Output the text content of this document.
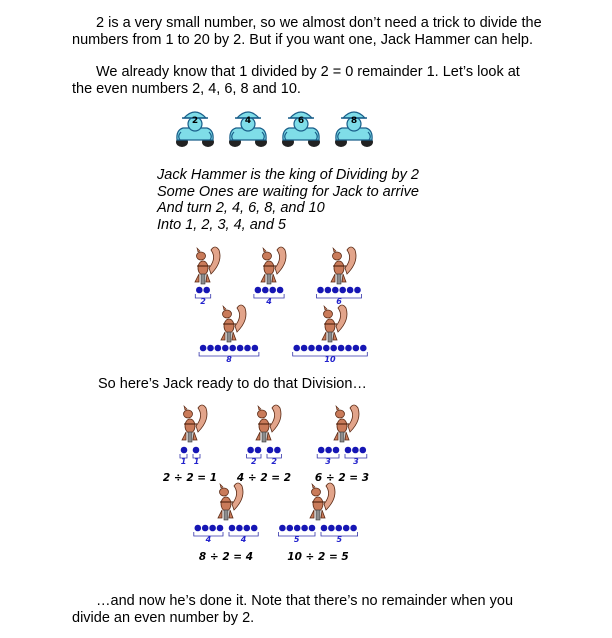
2 is a very small number, so we almost don’t need a trick to divide the numbers from 1 to 20 by 2. But if you want one, Jack Hammer can help.

We already know that 1 divided by 2 = 0 remainder 1. Let’s look at the even numbers 2, 4, 6, 8 and 10.

2	4	6	8
2	4	6
8	10
1 1	2 2	3	3
4	4	5	5
2 ÷ 2 = 1 4 ÷ 2 = 2 6 ÷ 2 = 3
8 ÷ 2 = 4	10 ÷ 2 = 5
Jack Hammer is the king of Dividing by 2
Some Ones are waiting for Jack to arrive
And turn 2, 4, 6, 8, and 10
Into 1, 2, 3, 4, and 5

So here’s Jack ready to do that Division…

…and now he’s done it. Note that there’s no remainder when you divide an even number by 2.
